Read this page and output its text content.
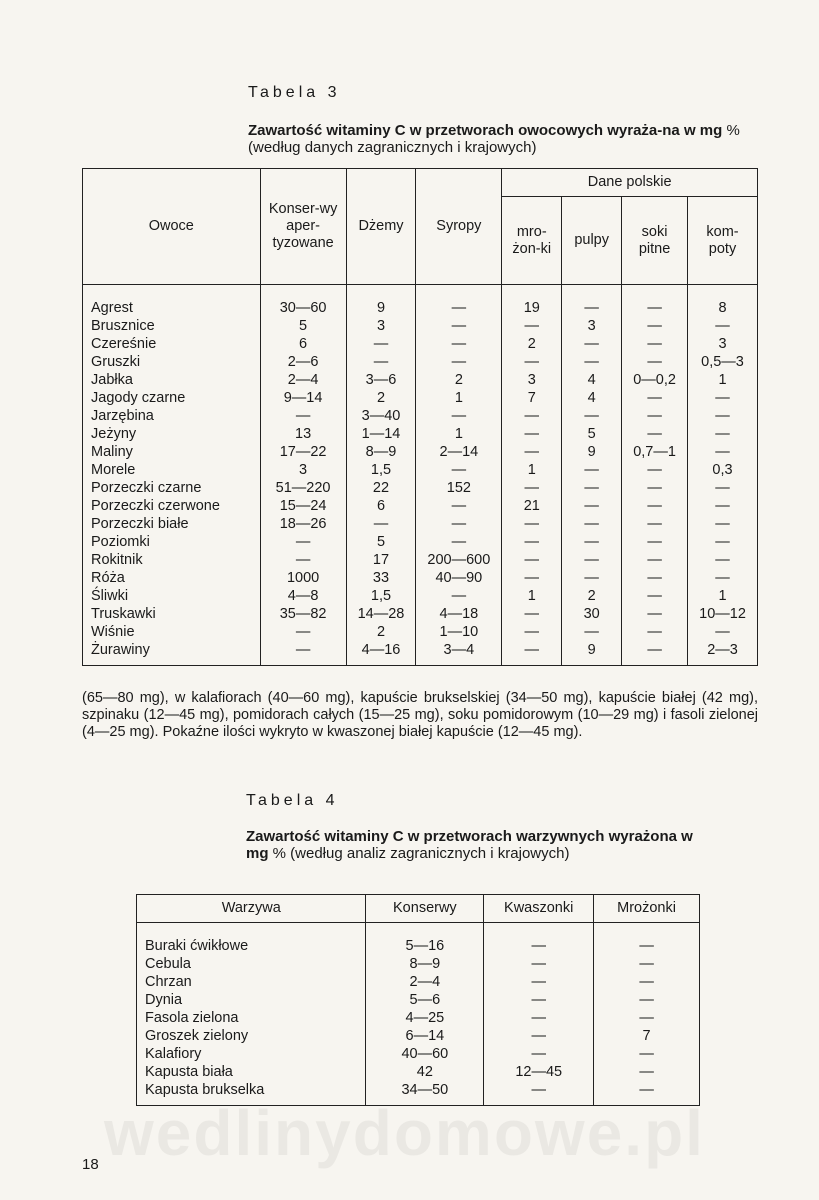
Tabela 3
Zawartość witaminy C w przetworach owocowych wyraża-na w mg % (według danych zagranicznych i krajowych)
Owoce	Konser-wy aper-tyzowane	Dżemy	Syropy	Dane polskie			
				mro-żon-ki	pulpy	soki pitne	kom-poty
Agrest	30—60	9	—	19	—	—	8
Brusznice	5	3	—	—	3	—	—
Czereśnie	6	—	—	2	—	—	3
Gruszki	2—6	—	—	—	—	—	0,5—3
Jabłka	2—4	3—6	2	3	4	0—0,2	1
Jagody czarne	9—14	2	1	7	4	—	—
Jarzębina	—	3—40	—	—	—	—	—
Jeżyny	13	1—14	1	—	5	—	—
Maliny	17—22	8—9	2—14	—	9	0,7—1	—
Morele	3	1,5	—	1	—	—	0,3
Porzeczki czarne	51—220	22	152	—	—	—	—
Porzeczki czerwone	15—24	6	—	21	—	—	—
Porzeczki białe	18—26	—	—	—	—	—	—
Poziomki	—	5	—	—	—	—	—
Rokitnik	—	17	200—600	—	—	—	—
Róża	1000	33	40—90	—	—	—	—
Śliwki	4—8	1,5	—	1	2	—	1
Truskawki	35—82	14—28	4—18	—	30	—	10—12
Wiśnie	—	2	1—10	—	—	—	—
Żurawiny	—	4—16	3—4	—	9	—	2—3
(65—80 mg), w kalafiorach (40—60 mg), kapuście brukselskiej (34—50 mg), kapuście białej (42 mg), szpinaku (12—45 mg), pomidorach całych (15—25 mg), soku pomidorowym (10—29 mg) i fasoli zielonej (4—25 mg). Pokaźne ilości wykryto w kwaszonej białej kapuście (12—45 mg).
Tabela 4
Zawartość witaminy C w przetworach warzywnych wyrażona w mg % (według analiz zagranicznych i krajowych)
Warzywa	Konserwy	Kwaszonki	Mrożonki
Buraki ćwikłowe	5—16	—	—
Cebula	8—9	—	—
Chrzan	2—4	—	—
Dynia	5—6	—	—
Fasola zielona	4—25	—	—
Groszek zielony	6—14	—	7
Kalafiory	40—60	—	—
Kapusta biała	42	12—45	—
Kapusta brukselka	34—50	—	—
wedlinydomowe.pl
18
